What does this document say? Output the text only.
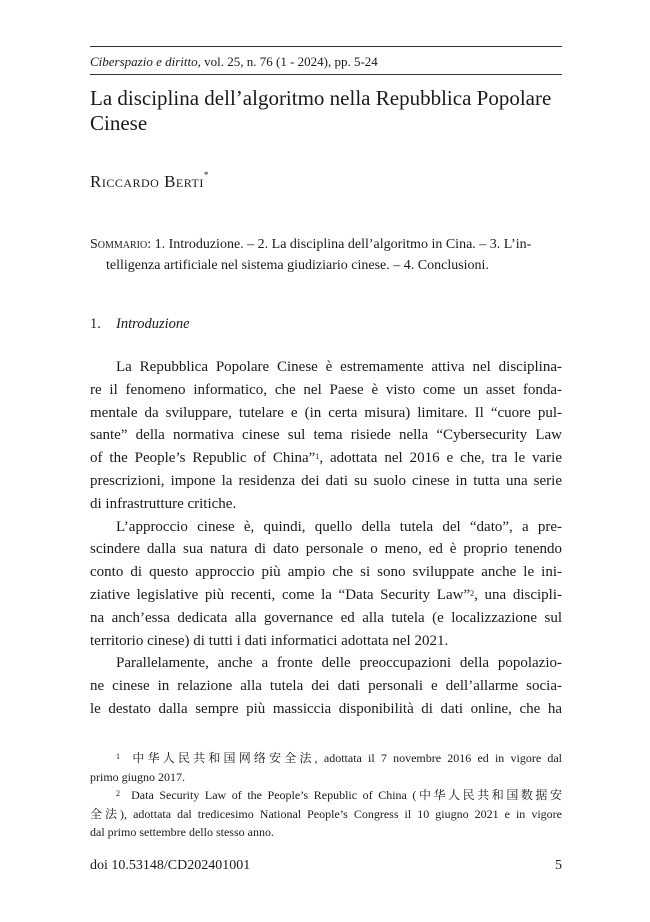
Ciberspazio e diritto, vol. 25, n. 76 (1 - 2024), pp. 5-24
La disciplina dell’algoritmo nella Repubblica Popolare
Cinese
Riccardo Berti*
Sommario: 1. Introduzione. – 2. La disciplina dell’algoritmo in Cina. – 3. L’in-
telligenza artificiale nel sistema giudiziario cinese. – 4. Conclusioni.
1. Introduzione
La Repubblica Popolare Cinese è estremamente attiva nel disciplina-
re il fenomeno informatico, che nel Paese è visto come un asset fonda-
mentale da sviluppare, tutelare e (in certa misura) limitare. Il “cuore pul-
sante” della normativa cinese sul tema risiede nella “Cybersecurity Law
of the People’s Republic of China”$^1$, adottata nel 2016 e che, tra le varie
prescrizioni, impone la residenza dei dati su suolo cinese in tutta una serie
di infrastrutture critiche.
L’approccio cinese è, quindi, quello della tutela del “dato”, a pre-
scindere dalla sua natura di dato personale o meno, ed è proprio tenendo
conto di questo approccio più ampio che si sono sviluppate anche le ini-
ziative legislative più recenti, come la “Data Security Law”$^2$, una discipli-
na anch’essa dedicata alla governance ed alla tutela (e localizzazione sul
territorio cinese) di tutti i dati informatici adottata nel 2021.
Parallelamente, anche a fronte delle preoccupazioni della popolazio-
ne cinese in relazione alla tutela dei dati personali e dell’allarme socia-
le destato dalla sempre più massiccia disponibilità di dati online, che ha
$^1$ 中华人民共和国网络安全法, adottata il 7 novembre 2016 ed in vigore dal
primo giugno 2017.
$^2$ Data Security Law of the People’s Republic of China (中华人民共和国数据安
全法), adottata dal tredicesimo National People’s Congress il 10 giugno 2021 e in vigore
dal primo settembre dello stesso anno.
doi 10.53148/CD202401001	5
